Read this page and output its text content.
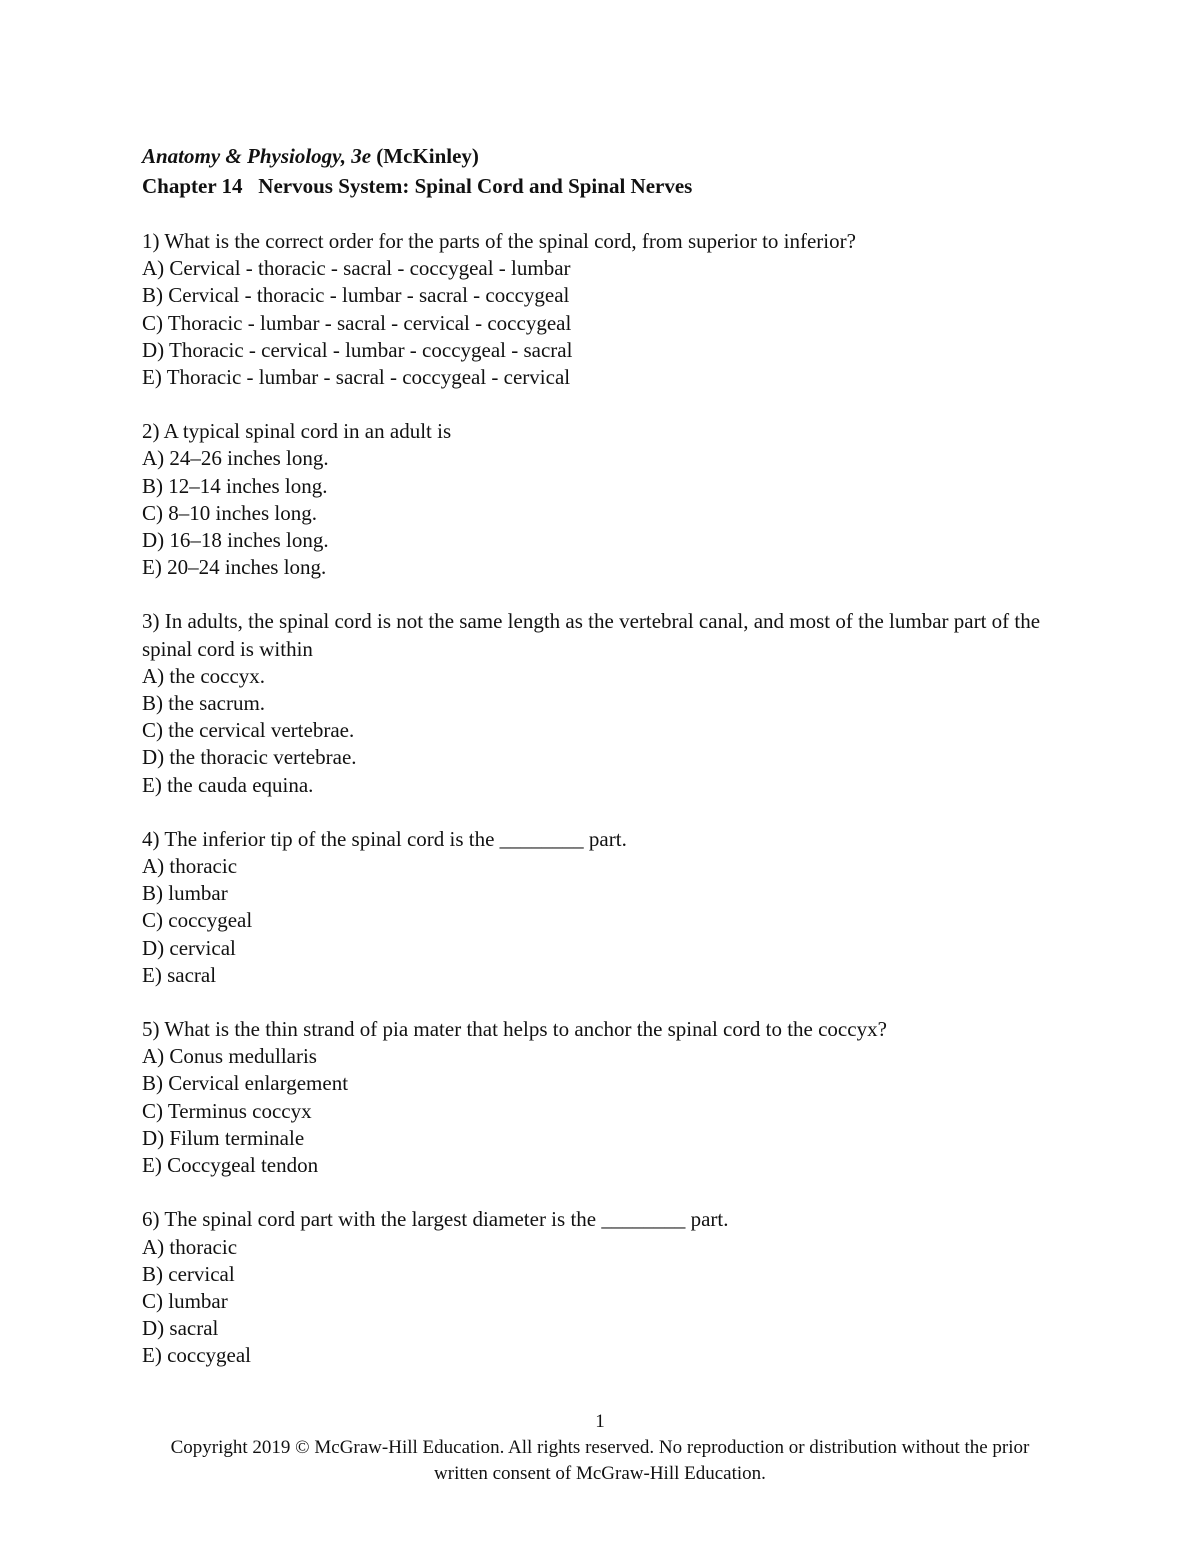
Anatomy & Physiology, 3e (McKinley)
Chapter 14   Nervous System: Spinal Cord and Spinal Nerves
1) What is the correct order for the parts of the spinal cord, from superior to inferior?
A) Cervical - thoracic - sacral - coccygeal - lumbar
B) Cervical - thoracic - lumbar - sacral - coccygeal
C) Thoracic - lumbar - sacral - cervical - coccygeal
D) Thoracic - cervical - lumbar - coccygeal - sacral
E) Thoracic - lumbar - sacral - coccygeal - cervical
2) A typical spinal cord in an adult is
A) 24–26 inches long.
B) 12–14 inches long.
C) 8–10 inches long.
D) 16–18 inches long.
E) 20–24 inches long.
3) In adults, the spinal cord is not the same length as the vertebral canal, and most of the lumbar part of the spinal cord is within
A) the coccyx.
B) the sacrum.
C) the cervical vertebrae.
D) the thoracic vertebrae.
E) the cauda equina.
4) The inferior tip of the spinal cord is the ________ part.
A) thoracic
B) lumbar
C) coccygeal
D) cervical
E) sacral
5) What is the thin strand of pia mater that helps to anchor the spinal cord to the coccyx?
A) Conus medullaris
B) Cervical enlargement
C) Terminus coccyx
D) Filum terminale
E) Coccygeal tendon
6) The spinal cord part with the largest diameter is the ________ part.
A) thoracic
B) cervical
C) lumbar
D) sacral
E) coccygeal
1
Copyright 2019 © McGraw-Hill Education. All rights reserved. No reproduction or distribution without the prior written consent of McGraw-Hill Education.
